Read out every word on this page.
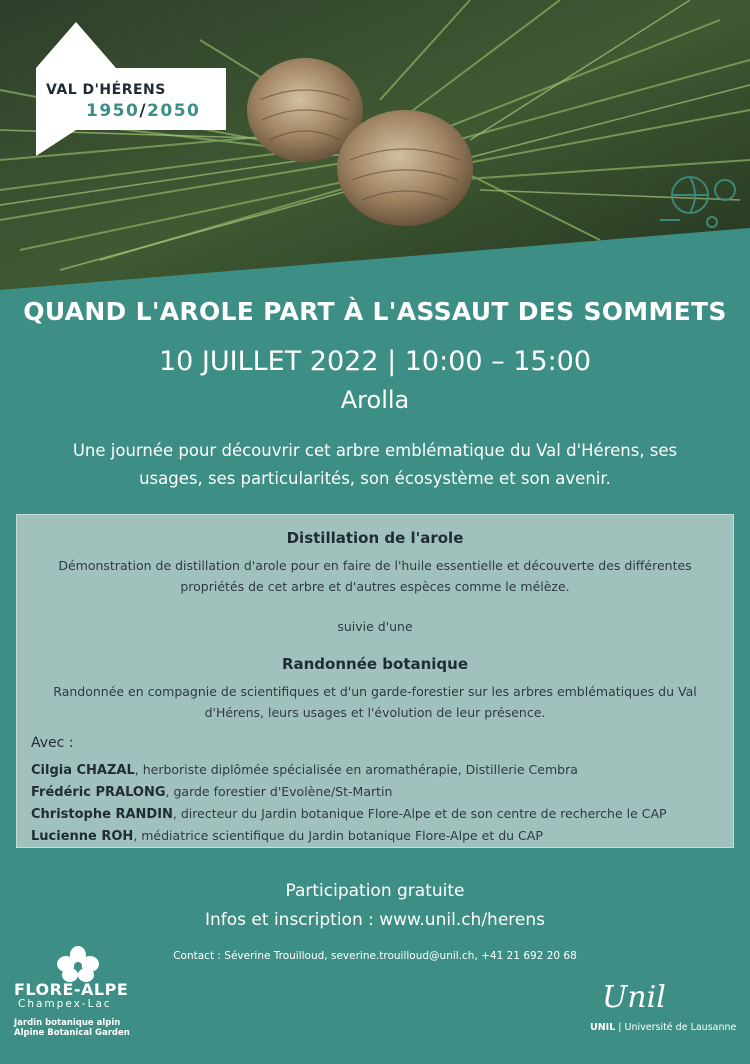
VAL D'HÉRENS
1950/2050
QUAND L'AROLE PART À L'ASSAUT DES SOMMETS
10 JUILLET 2022 | 10:00 – 15:00
Arolla
Une journée pour découvrir cet arbre emblématique du Val d'Hérens, ses usages, ses particularités, son écosystème et son avenir.
Distillation de l'arole
Démonstration de distillation d'arole pour en faire de l'huile essentielle et découverte des différentes propriétés de cet arbre et d'autres espèces comme le mélèze.
suivie d'une
Randonnée botanique
Randonnée en compagnie de scientifiques et d'un garde-forestier sur les arbres emblématiques du Val d'Hérens, leurs usages et l'évolution de leur présence.
Avec :
Cilgia CHAZAL, herboriste diplômée spécialisée en aromathérapie, Distillerie Cembra
Frédéric PRALONG, garde forestier d'Evolène/St-Martin
Christophe RANDIN, directeur du Jardin botanique Flore-Alpe et de son centre de recherche le CAP
Lucienne ROH, médiatrice scientifique du Jardin botanique Flore-Alpe et du CAP
Participation gratuite
Infos et inscription : www.unil.ch/herens
Contact : Séverine Trouilloud, severine.trouilloud@unil.ch, +41 21 692 20 68
FLORE-ALPE
Champex-Lac
Jardin botanique alpin
Alpine Botanical Garden
Unil
UNIL | Université de Lausanne
